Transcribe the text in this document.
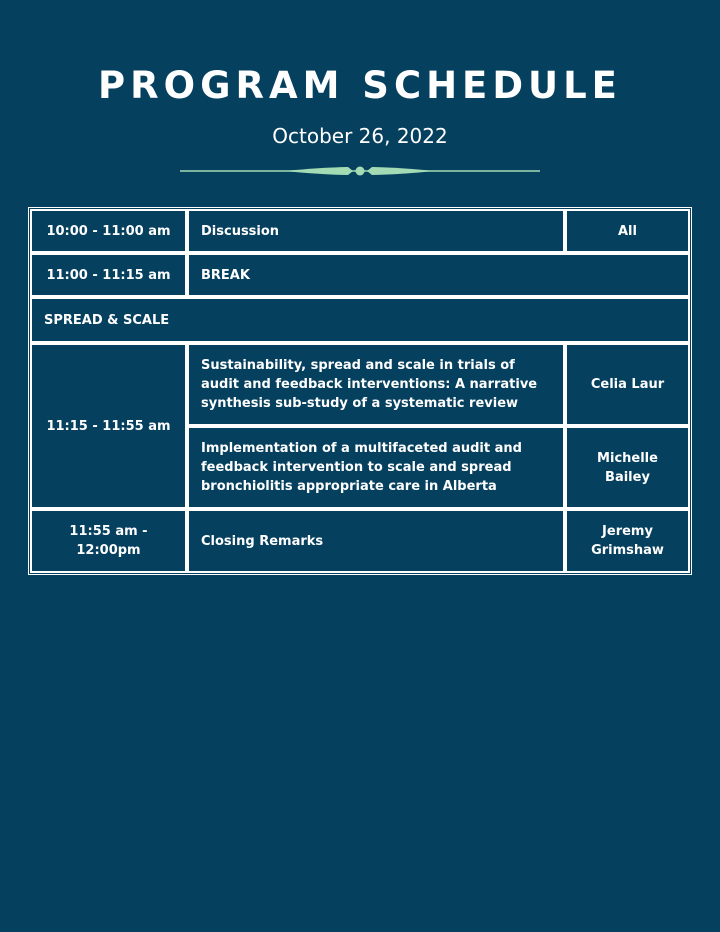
PROGRAM SCHEDULE
October 26, 2022
10:00 - 11:00 am	Discussion	All
11:00 - 11:15 am	BREAK	
SPREAD & SCALE		
11:15 - 11:55 am	Sustainability, spread and scale in trials of audit and feedback interventions: A narrative synthesis sub-study of a systematic review	Celia Laur
	Implementation of a multifaceted audit and feedback intervention to scale and spread bronchiolitis appropriate care in Alberta	Michelle Bailey
11:55 am - 12:00pm	Closing Remarks	Jeremy Grimshaw
